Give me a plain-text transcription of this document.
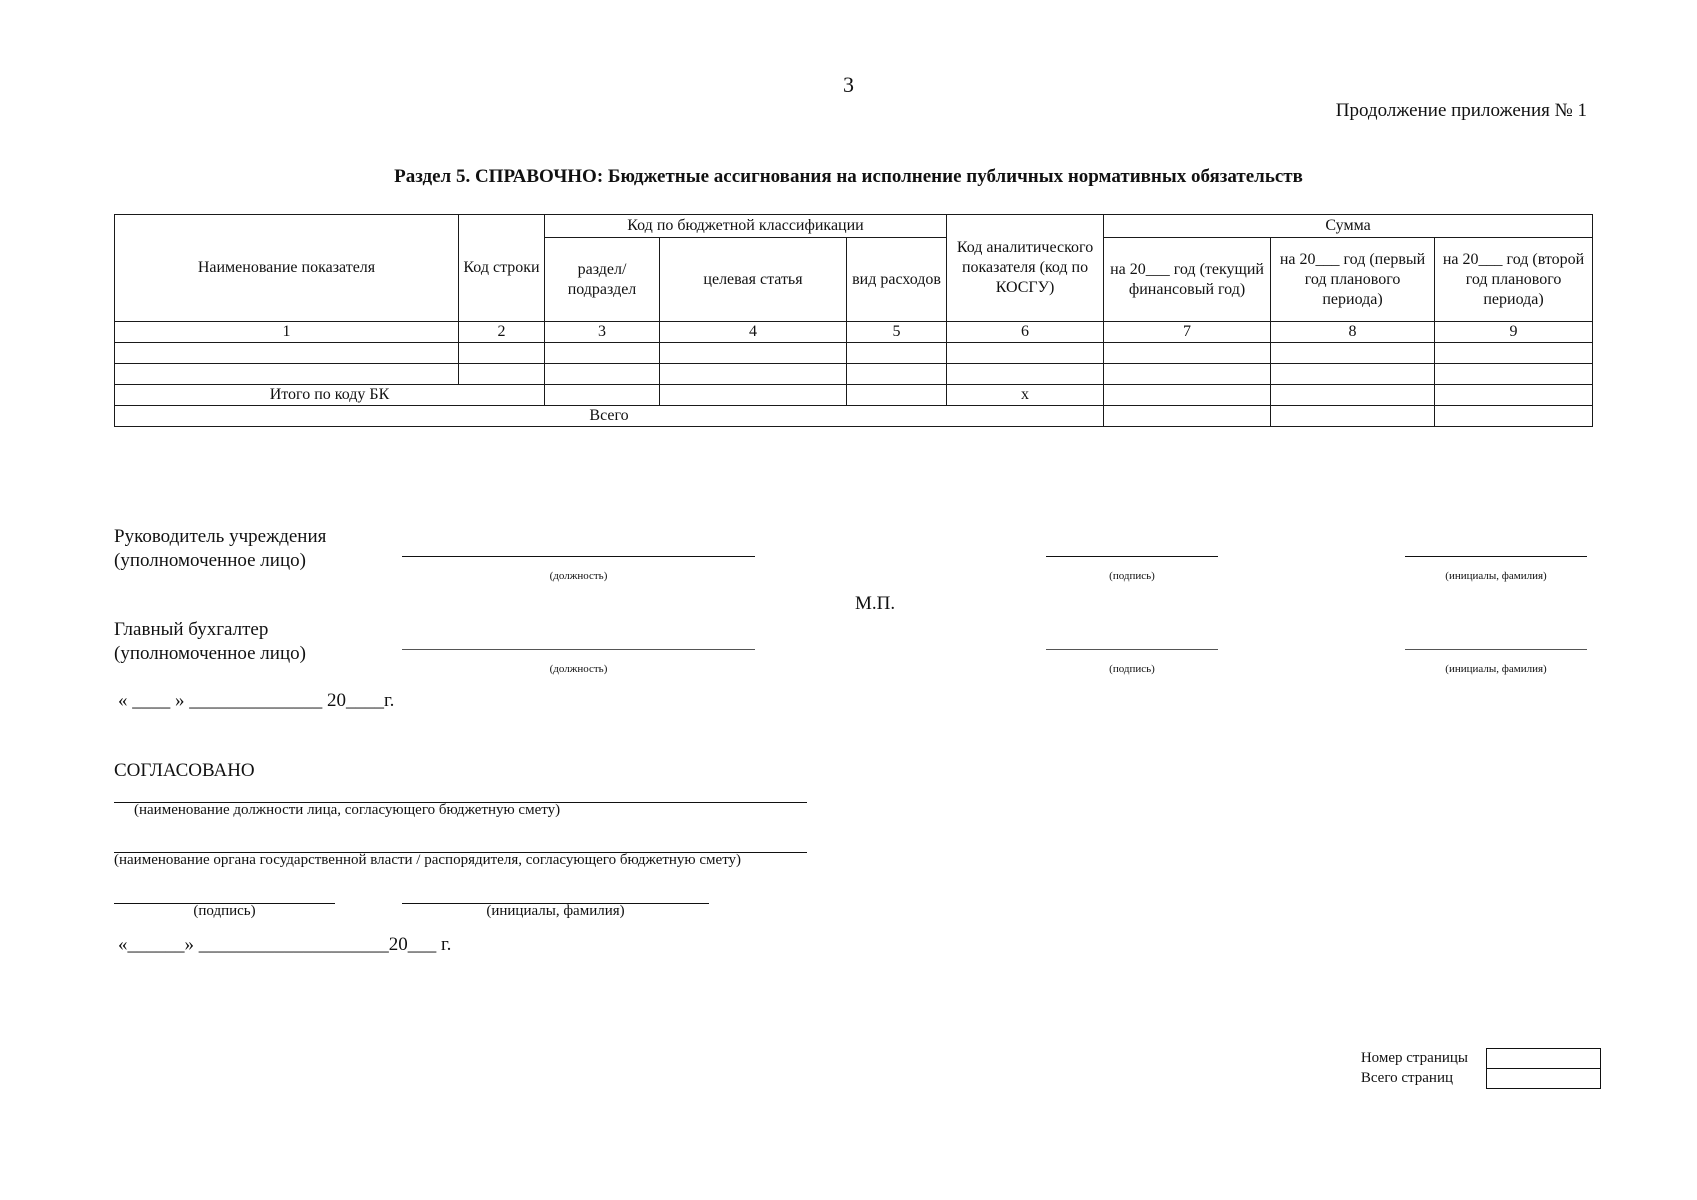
3
Продолжение приложения № 1
Раздел 5. СПРАВОЧНО: Бюджетные ассигнования на исполнение публичных нормативных обязательств
Наименование показателя	Код строки	Код по бюджетной классификации			Код аналитического показателя (код по КОСГУ)	Сумма		
		раздел/ подраздел	целевая статья	вид расходов		на 20___ год (текущий финансовый год)	на 20___ год (первый год планового периода)	на 20___ год (второй год планового периода)
1	2	3	4	5	6	7	8	9

Итого по коду БК					x			
Всего								
Руководитель учреждения
(уполномоченное лицо)
(должность)	(подпись)	(инициалы, фамилия)
М.П.
Главный бухгалтер
(уполномоченное лицо)
(должность)	(подпись)	(инициалы, фамилия)
« ____ » ______________ 20____г.
СОГЛАСОВАНО
(наименование должности лица, согласующего бюджетную смету)
(наименование органа государственной власти / распорядителя, согласующего бюджетную смету)
(подпись)	(инициалы, фамилия)
«______» ____________________20___ г.
Номер страницы
Всего страниц
